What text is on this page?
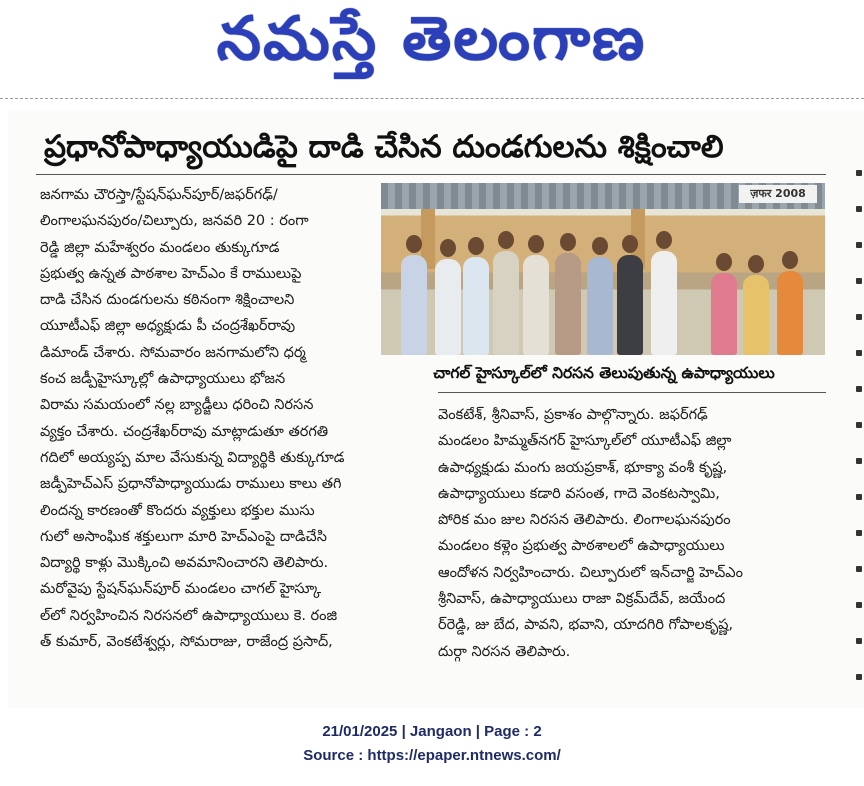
నమస్తే తెలంగాణ
ప్రధానోపాధ్యాయుడిపై దాడి చేసిన దుండగులను శిక్షించాలి

జనగామ చౌరస్తా/స్టేషన్‌ఘన్‌పూర్/జఫర్‌గఢ్/

లింగాలఘనపురం/చిల్పూరు, జనవరి 20 : రంగా

రెడ్డి జిల్లా మహేశ్వరం మండలం తుక్కుగూడ

ప్రభుత్వ ఉన్నత పాఠశాల హెచ్‌ఎం కే రాములుపై

దాడి చేసిన దుండగులను కఠినంగా శిక్షించాలని

యూటీఎఫ్ జిల్లా అధ్యక్షుడు పీ చంద్రశేఖర్‌రావు

డిమాండ్ చేశారు. సోమవారం జనగామలోని ధర్మ

కంచ జడ్పీహైస్కూల్లో ఉపాధ్యాయులు భోజన

విరామ సమయంలో నల్ల బ్యాడ్జీలు ధరించి నిరసన

వ్యక్తం చేశారు. చంద్రశేఖర్‌రావు మాట్లాడుతూ తరగతి

గదిలో అయ్యప్ప మాల వేసుకున్న విద్యార్థికి తుక్కుగూడ

జడ్పీహెచ్‌ఎస్ ప్రధానోపాధ్యాయుడు రాములు కాలు తగి

లిందన్న కారణంతో కొందరు వ్యక్తులు భక్తుల ముసు

గులో అసాంఘిక శక్తులుగా మారి హెచ్‌ఎంపై దాడిచేసి

విద్యార్థి కాళ్లు మొక్కించి అవమానించారని తెలిపారు.

మరోవైపు స్టేషన్‌ఘన్‌పూర్ మండలం చాగల్ హైస్కూ

ల్‌లో నిర్వహించిన నిరసనలో ఉపాధ్యాయులు కె. రంజి

త్ కుమార్, వెంకటేశ్వర్లు, సోమరాజు, రాజేంద్ర ప్రసాద్,

ज़फर 2008
చాగల్ హైస్కూల్‌లో నిరసన తెలుపుతున్న ఉపాధ్యాయులు

వెంకటేశ్, శ్రీనివాస్, ప్రకాశం పాల్గొన్నారు. జఫర్‌గఢ్

మండలం హిమ్మత్‌నగర్ హైస్కూల్‌లో యూటీఎఫ్ జిల్లా

ఉపాధ్యక్షుడు మంగు జయప్రకాశ్, భూక్యా వంశీ కృష్ణ,

ఉపాధ్యాయులు కడారి వసంత, గాదె వెంకటస్వామి,

పోరిక మం జుల నిరసన తెలిపారు. లింగాలఘనపురం

మండలం కళ్లెం ప్రభుత్వ పాఠశాలలో ఉపాధ్యాయులు

ఆందోళన నిర్వహించారు. చిల్పూరులో ఇన్‌చార్జి హెచ్‌ఎం

శ్రీనివాస్, ఉపాధ్యాయులు రాజా విక్రమ్‌దేవ్, జయేంద

ర్‌రెడ్డి, జు బేద, పావని, భవాని, యాదగిరి గోపాలకృష్ణ,

దుర్గా నిరసన తెలిపారు.

21/01/2025 | Jangaon | Page : 2
Source : https://epaper.ntnews.com/
